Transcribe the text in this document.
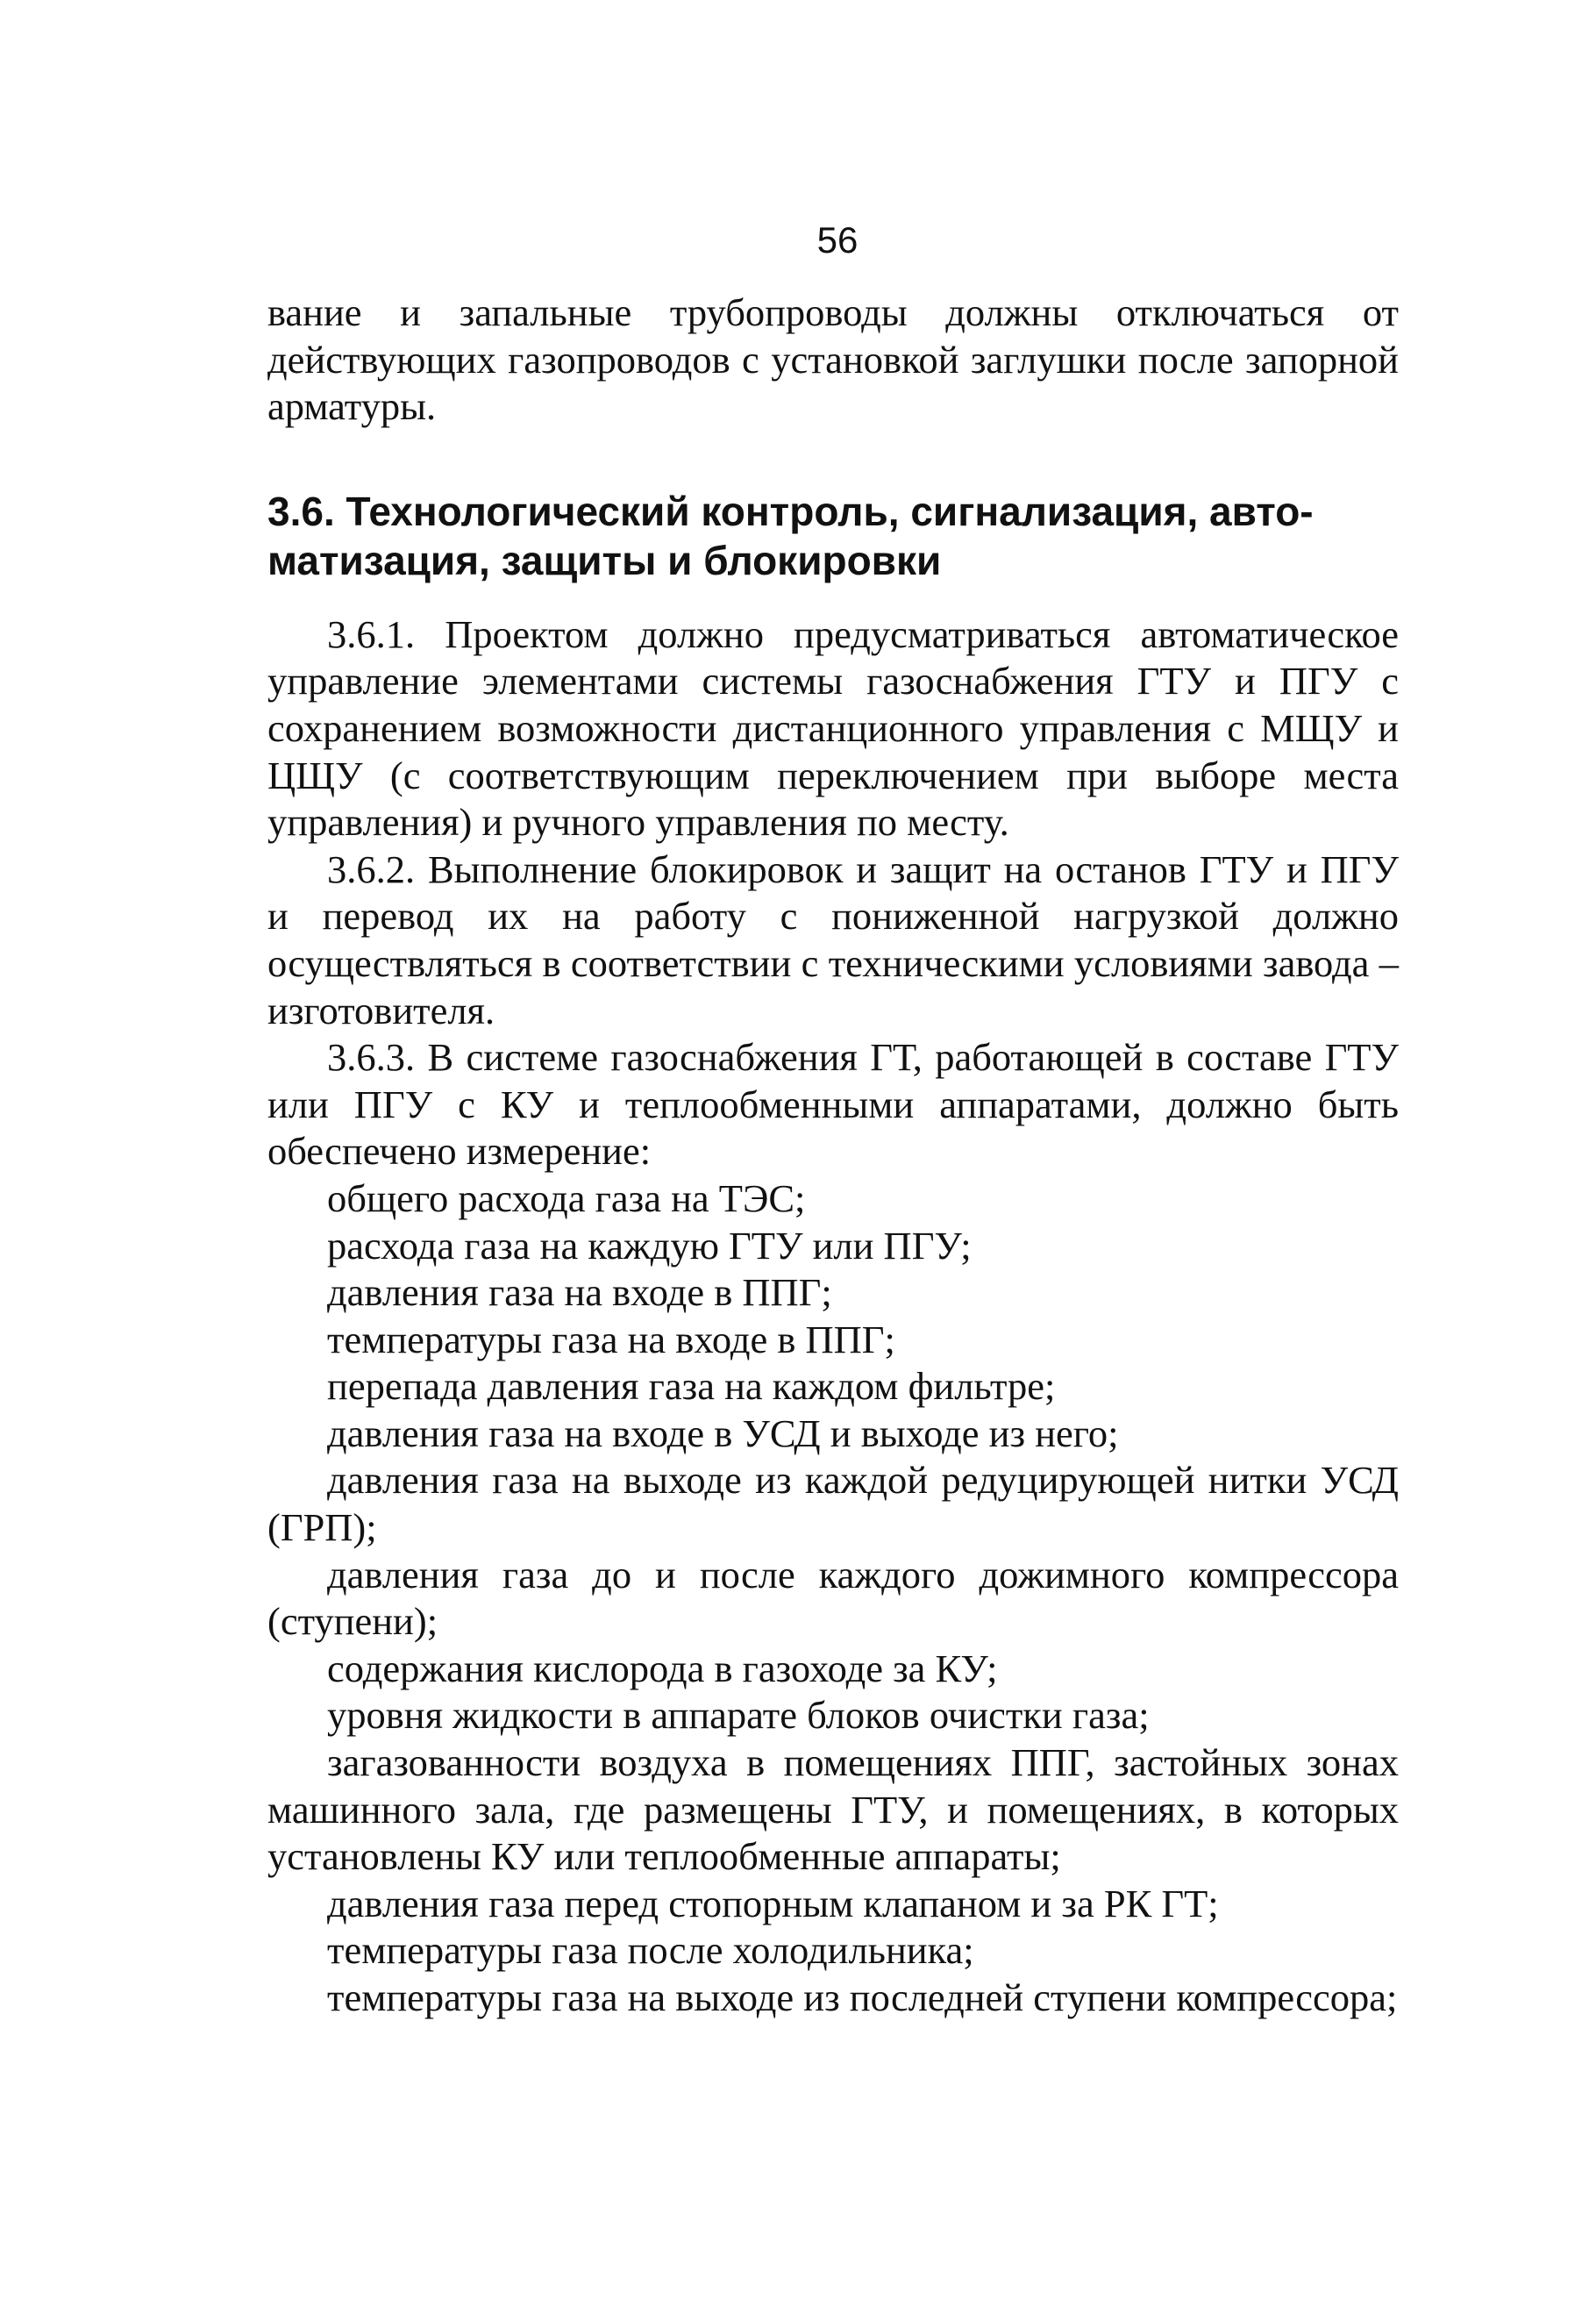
56

вание и запальные трубопроводы должны отключаться от действующих газопроводов с установкой заглушки после запорной арматуры.

3.6. Технологический контроль, сигнализация, авто-
матизация, защиты и блокировки

3.6.1. Проектом должно предусматриваться автоматическое управление элементами системы газоснабжения ГТУ и ПГУ с сохранением возможности дистанционного управления с МЩУ и ЦЩУ (с соответствующим переключением при выборе места управления) и ручного управления по месту.

3.6.2. Выполнение блокировок и защит на останов ГТУ и ПГУ и перевод их на работу с пониженной нагрузкой должно осуществляться в соответствии с техническими условиями завода – изготовителя.

3.6.3. В системе газоснабжения ГТ, работающей в составе ГТУ или ПГУ с КУ и теплообменными аппаратами, должно быть обеспечено измерение:

общего расхода газа на ТЭС;

расхода газа на каждую ГТУ или ПГУ;

давления газа на входе в ППГ;

температуры газа на входе в ППГ;

перепада давления газа на каждом фильтре;

давления газа на входе в УСД и выходе из него;

давления газа на выходе из каждой редуцирующей нитки УСД (ГРП);

давления газа до и после каждого дожимного компрессора (ступени);

содержания кислорода в газоходе за КУ;

уровня жидкости в аппарате блоков очистки газа;

загазованности воздуха в помещениях ППГ, застойных зонах машинного зала, где размещены ГТУ, и помещениях, в которых установлены КУ или теплообменные аппараты;

давления газа перед стопорным клапаном и за РК ГТ;

температуры газа после холодильника;

температуры газа на выходе из последней ступени компрессора;
